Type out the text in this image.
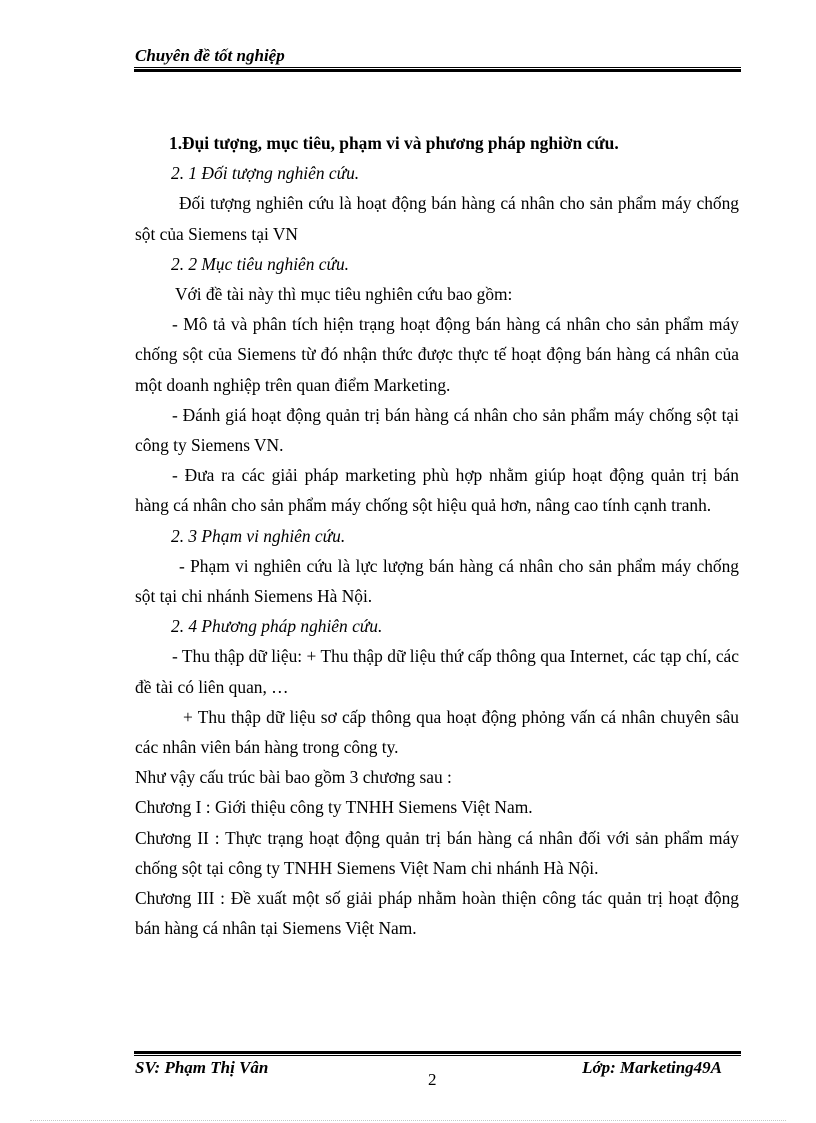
Chuyên đề tốt nghiệp

1.Đụi tượng, mục tiêu, phạm vi và phương pháp nghiờn cứu.

2. 1 Đối tượng nghiên cứu.

Đối tượng nghiên cứu là hoạt động bán hàng cá nhân cho sản phẩm máy chống sột của Siemens tại VN

2. 2 Mục tiêu nghiên cứu.

Với đề tài này thì mục tiêu nghiên cứu bao gồm:

- Mô tả và phân tích hiện trạng hoạt động bán hàng cá nhân cho sản phẩm máy chống sột của Siemens từ đó nhận thức được thực tế hoạt động bán hàng cá nhân của một doanh nghiệp trên quan điểm Marketing.

- Đánh giá hoạt động quản trị bán hàng cá nhân cho sản phẩm máy chống sột tại công ty Siemens VN.

- Đưa ra các giải pháp marketing phù hợp nhằm giúp hoạt động quản trị bán hàng cá nhân cho sản phẩm máy chống sột hiệu quả hơn, nâng cao tính cạnh tranh.

2. 3 Phạm vi nghiên cứu.

- Phạm vi nghiên cứu là lực lượng bán hàng cá nhân cho sản phẩm máy chống sột tại chi nhánh Siemens Hà Nội.

2. 4 Phương pháp nghiên cứu.

- Thu thập dữ liệu: + Thu thập dữ liệu thứ cấp thông qua Internet, các tạp chí, các đề tài có liên quan, …

+ Thu thập dữ liệu sơ cấp thông qua hoạt động phỏng vấn cá nhân chuyên sâu các nhân viên bán hàng trong công ty.

Như vậy cấu trúc bài bao gồm 3 chương sau :

Chương I : Giới thiệu công ty TNHH Siemens Việt Nam.

Chương II : Thực trạng hoạt động quản trị bán hàng cá nhân đối với sản phẩm máy chống sột tại công ty TNHH Siemens Việt Nam chi nhánh Hà Nội.

Chương III : Đề xuất một số giải pháp nhằm hoàn thiện công tác quản trị hoạt động bán hàng cá nhân tại Siemens Việt Nam.

SV: Phạm Thị Vân
2
Lớp: Marketing49A
